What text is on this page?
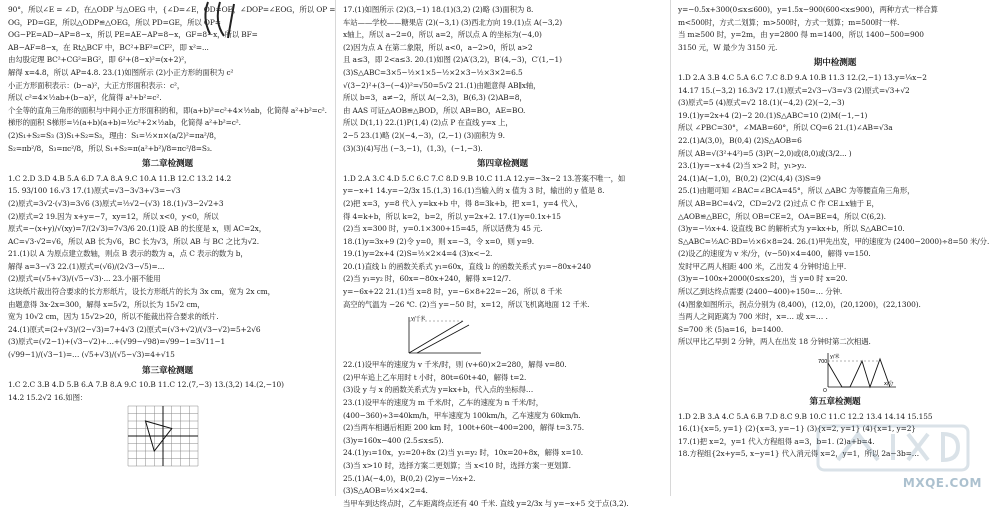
90°，所以∠E = ∠D，在△ODP 与△OEG 中，{∠D=∠E，OD=OE，∠DOP=∠EOG，所以 OP =
OG，PD=GE，所以△ODP≌△OEG，所以 PD=GE，所以 OP=
OG−PE=AD−AP=8−x，所以 PE=AE−AP=8−x，GF=8−x，所以 BF=
AB−AF=8−x，在 Rt△BCF 中，BC²+BF²=CF²，即 x²=...
由勾股定理 BC²+CG²=BG²，即 6²+(8−x)²=(x+2)²，
解得 x=4.8，所以 AP=4.8. 23.(1)如图所示 (2)小正方形的面积为 c²
小正方形面积表示：(b−a)²，大正方形面积表示：c²，
所以 c²=4×½ab+(b−a)²，化简得 a²+b²=c².
个全等的直角三角形的面积与中间小正方形面积的和，即(a+b)²=c²+4×½ab，化简得 a²+b²=c².
梯形的面积 S梯形=½(a+b)(a+b)=½c²+2×½ab，化简得 a²+b²=c².
(2)S₁+S₂=S₃ (3)S₁+S₂=S₃，理由：S₁=½×π×(a/2)²=πa²/8，
S₂=πb²/8，S₃=πc²/8，所以 S₁+S₂=π(a²+b²)/8=πc²/8=S₃.
第二章检测题
1.C 2.D 3.D 4.B 5.A 6.D 7.A 8.A 9.C 10.A 11.B 12.C 13.2 14.2
15. 93/100 16.√3 17.(1)原式=√3−3√3+√3=−√3
(2)原式=3√2·(√3)=3√6 (3)原式=½√2−(√3) 18.(1)√3−2√2+3
(2)原式=2 19.因为 x+y=−7，xy=12，所以 x<0，y<0，所以
原式=−(x+y)/√(xy)=7/(2√3)=7√3/6 20.(1)设 AB 的长度是 x，则 AC=2x，
AC=√3·√2=√6，所以 AB 长为√6，BC 长为√3，所以 AB 与 BC 之比为√2.
21.(1)以 A 为原点建立数轴，则点 B 表示的数为 a，点 C 表示的数为 b，
解得 a=3−√3 22.(1)原式=(√6)/(2√3−√5)=...
(2)原式=(√5+√3)/(√5−√3)·... 23.小丽不能用
这块纸片裁出符合要求的长方形纸片，设长方形纸片的长为 3x cm，宽为 2x cm，
由题意得 3x·2x=300，解得 x=5√2，所以长为 15√2 cm，
宽为 10√2 cm，因为 15√2>20，所以不能裁出符合要求的纸片.
24.(1)原式=(2+√3)/(2−√3)=7+4√3 (2)原式=(√3+√2)/(√3−√2)=5+2√6
(3)原式=(√2−1)+(√3−√2)+…+(√99−√98)=√99−1=3√11−1
(√99−1)/(√3−1)=… (√5+√3)/(√5−√3)=4+√15
第三章检测题
1.C 2.C 3.B 4.D 5.B 6.A 7.B 8.A 9.C 10.B 11.C 12.(7,−3) 13.(3,2) 14.(2,−10)
14.2 15.2√2 16.如图：
17.(1)如图所示 (2)(3,−1) 18.(1)(3,2) (2)略 (3)面积为 8.
车站——学校——糖果店 (2)(−3,1) (3)西北方向 19.(1)点 A(−3,2)
x轴上，所以 a−2=0，所以 a=2，所以点 A 的坐标为(−4,0)
(2)因为点 A 在第二象限，所以 a<0，a−2>0，所以 a>2
且 a≤3，即 2<a≤3. 20.(1)如图 (2)A′(3,2)，B′(4,−3)，C′(1,−1)
(3)S△ABC=3×5−½×1×5−½×2×3−½×3×2=6.5
√(3−2)²+(3−(−4))²=√50=5√2 21.(1)由题意得 AB∥x轴，
所以 b=3，a≠−2，所以 A(−2,3)，B(6,3) (2)AB=8，
由 AAS 可证△AOB≌△BOD，所以 AB=BO，AE=BO.
所以 D(1,1) 22.(1)P(1,4) (2)点 P 在直线 y=x 上，
2−5 23.(1)略 (2)(−4,−3)，(2,−1) (3)面积为 9.
(3)(3)(4)写出 (−3,−1)，(1,3)，(−1,−3).
第四章检测题
1.D 2.A 3.C 4.D 5.C 6.C 7.C 8.D 9.B 10.C 11.A 12.y=−3x−2 13.答案不唯一，如
y=−x+1 14.y=−2/3x 15.(1,3) 16.(1)当输入的 x 值为 3 时，输出的 y 值是 8.
(2)把 x=3，y=8 代入 y=kx+b 中，得 8=3k+b，把 x=1，y=4 代入，
得 4=k+b，所以 k=2，b=2，所以 y=2x+2. 17.(1)y=0.1x+15
(2)当 x=300 时，y=0.1×300+15=45，所以话费为 45 元.
18.(1)y=3x+9 (2)令 y=0，则 x=−3，令 x=0，则 y=9.
19.(1)y=2x+4 (2)S=½×2×4=4 (3)x<−2.
20.(1)直线 l₁ 的函数关系式 y₁=60x，直线 l₂ 的函数关系式 y₂=−80x+240
(2)当 y₁=y₂ 时，60x=−80x+240，解得 x=12/7.
y=−6x+22 21.(1)当 x=8 时，y=−6×8+22=−26，所以 8 千米
高空的气温为 −26 ℃. (2)当 y=−50 时，x=12，所以飞机离地面 12 千米.
y/千米
22.(1)设甲车的速度为 v 千米/时，则 (v+60)×2=280，解得 v=80.
(2)甲车追上乙车用时 t 小时，80t=60t+40，解得 t=2.
(3)设 y 与 x 的函数关系式为 y=kx+b，代入点的坐标得…
23.(1)设甲车的速度为 m 千米/时，乙车的速度为 n 千米/时，
(400−360)÷3=40km/h，甲车速度为 100km/h，乙车速度为 60km/h.
(2)当两车相遇后相距 200 km 时，100t+60t−400=200，解得 t=3.75.
(3)y=160x−400 (2.5≤x≤5).
24.(1)y₁=10x，y₂=20+8x (2)当 y₁=y₂ 时，10x=20+8x，解得 x=10.
(3)当 x>10 时，选择方案二更划算；当 x<10 时，选择方案一更划算.
25.(1)A(−4,0)，B(0,2) (2)y=−½x+2.
(3)S△AOB=½×4×2=4.
当甲车到达终点时，乙车距离终点还有 40 千米. 直线 y=2/3x 与 y=−x+5 交于点(3,2).
y=−0.5x+300(0≤x≤600)，y=1.5x−900(600<x≤900)，两种方式一样合算
m<500时，方式二划算；m>500时，方式一划算；m=500时一样.
当 m≥500 时，y=2m，由 y=2800 得 m=1400，所以 1400−500=900
3150 元，W 最少为 3150 元.
期中检测题
1.D 2.A 3.B 4.C 5.A 6.C 7.C 8.D 9.A 10.B 11.3 12.(2,−1) 13.y=¼x−2
14.17 15.(−3,2) 16.3√2 17.(1)原式=2√3−√3=√3 (2)原式=√3+√2
(3)原式=5 (4)原式=√2 18.(1)(−4,2) (2)(−2,−3)
19.(1)y=2x+4 (2)−2 20.(1)S△ABC=10 (2)M(−1,−1)
所以 ∠PBC=30°，∠MAB=60°，所以 CQ=6 21.(1)∠AB=√3a
22.(1)A(3,0)，B(0,4) (2)S△AOB=6
所以 AB=√(3²+4²)=5 (3)P(−2,0)或(8,0)或(3/2... )
23.(1)y=−x+4 (2)当 x>2 时，y₁>y₂.
24.(1)A(−1,0)，B(0,2) (2)C(4,4) (3)S=9
25.(1)由题可知 ∠BAC=∠BCA=45°，所以 △ABC 为等腰直角三角形，
所以 AB=BC=4√2，CD=2√2 (2)过点 C 作 CE⊥x轴于 E，
△AOB≌△BEC，所以 OB=CE=2，OA=BE=4，所以 C(6,2).
(3)y=−⅓x+4. 设直线 BC 的解析式为 y=kx+b，所以 S△ABC=10.
S△ABC=½AC·BD=½×6×8=24. 26.(1)甲先出发，甲的速度为 (2400−2000)÷8=50 米/分.
(2)设乙的速度为 v 米/分，(v−50)×4=400，解得 v=150.
发时甲乙两人相距 400 米，乙出发 4 分钟时追上甲.
(3)y=−100x+2000(0≤x≤20)，当 y=0 时 x=20.
所以乙到达终点需要 (2400−400)÷150=… 分钟.
(4)图象如图所示，拐点分别为 (8,400)，(12,0)，(20,1200)，(22,1300).
当两人之间距离为 700 米时，x=… 或 x=… .
S=700 米 (5)a=16，b=1400.
所以甲比乙早到 2 分钟，两人在出发 18 分钟时第二次相遇.
y/米
700
O
x/分
第五章检测题
1.D 2.B 3.A 4.C 5.A 6.B 7.D 8.C 9.B 10.C 11.C 12.2 13.4 14.14 15.155
16.(1){x=5, y=1} (2){x=3, y=−1} (3){x=2, y=1} (4){x=1, y=2}
17.(1)把 x=2，y=1 代入方程组得 a=3，b=1. (2)a+b=4.
18.方程组{2x+y=5, x−y=1} 代入消元得 x=2，y=1，所以 2a−3b=…
MXQE.COM
